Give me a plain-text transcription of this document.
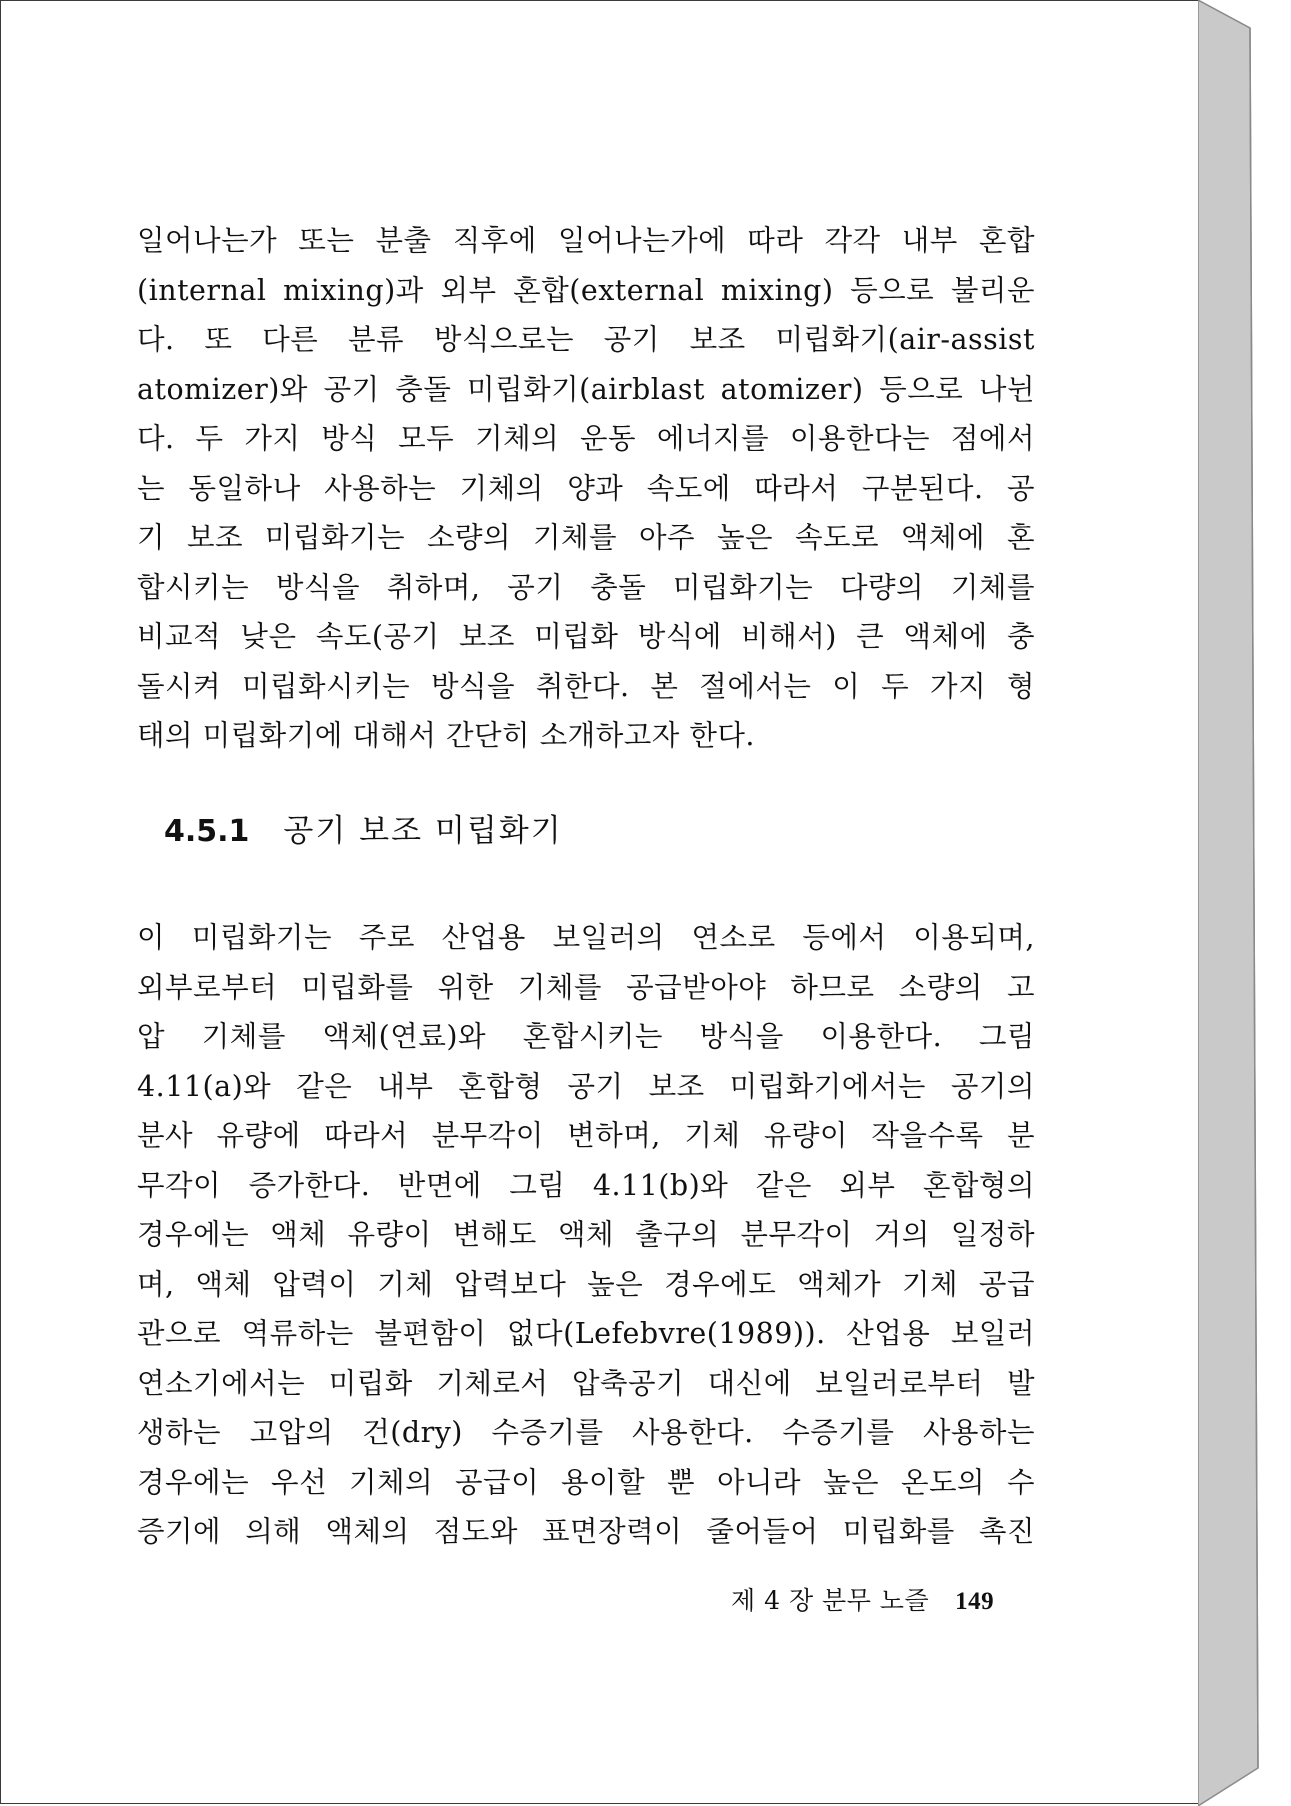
일어나는가 또는 분출 직후에 일어나는가에 따라 각각 내부 혼합
(internal mixing)과 외부 혼합(external mixing) 등으로 불리운
다. 또 다른 분류 방식으로는 공기 보조 미립화기(air-assist
atomizer)와 공기 충돌 미립화기(airblast atomizer) 등으로 나뉜
다. 두 가지 방식 모두 기체의 운동 에너지를 이용한다는 점에서
는 동일하나 사용하는 기체의 양과 속도에 따라서 구분된다. 공
기 보조 미립화기는 소량의 기체를 아주 높은 속도로 액체에 혼
합시키는 방식을 취하며, 공기 충돌 미립화기는 다량의 기체를
비교적 낮은 속도(공기 보조 미립화 방식에 비해서) 큰 액체에 충
돌시켜 미립화시키는 방식을 취한다. 본 절에서는 이 두 가지 형
태의 미립화기에 대해서 간단히 소개하고자 한다.
4.5.1 공기 보조 미립화기
이 미립화기는 주로 산업용 보일러의 연소로 등에서 이용되며,
외부로부터 미립화를 위한 기체를 공급받아야 하므로 소량의 고
압 기체를 액체(연료)와 혼합시키는 방식을 이용한다. 그림
4.11(a)와 같은 내부 혼합형 공기 보조 미립화기에서는 공기의
분사 유량에 따라서 분무각이 변하며, 기체 유량이 작을수록 분
무각이 증가한다. 반면에 그림 4.11(b)와 같은 외부 혼합형의
경우에는 액체 유량이 변해도 액체 출구의 분무각이 거의 일정하
며, 액체 압력이 기체 압력보다 높은 경우에도 액체가 기체 공급
관으로 역류하는 불편함이 없다(Lefebvre(1989)). 산업용 보일러
연소기에서는 미립화 기체로서 압축공기 대신에 보일러로부터 발
생하는 고압의 건(dry) 수증기를 사용한다. 수증기를 사용하는
경우에는 우선 기체의 공급이 용이할 뿐 아니라 높은 온도의 수
증기에 의해 액체의 점도와 표면장력이 줄어들어 미립화를 촉진
제 4 장 분무 노즐 149
